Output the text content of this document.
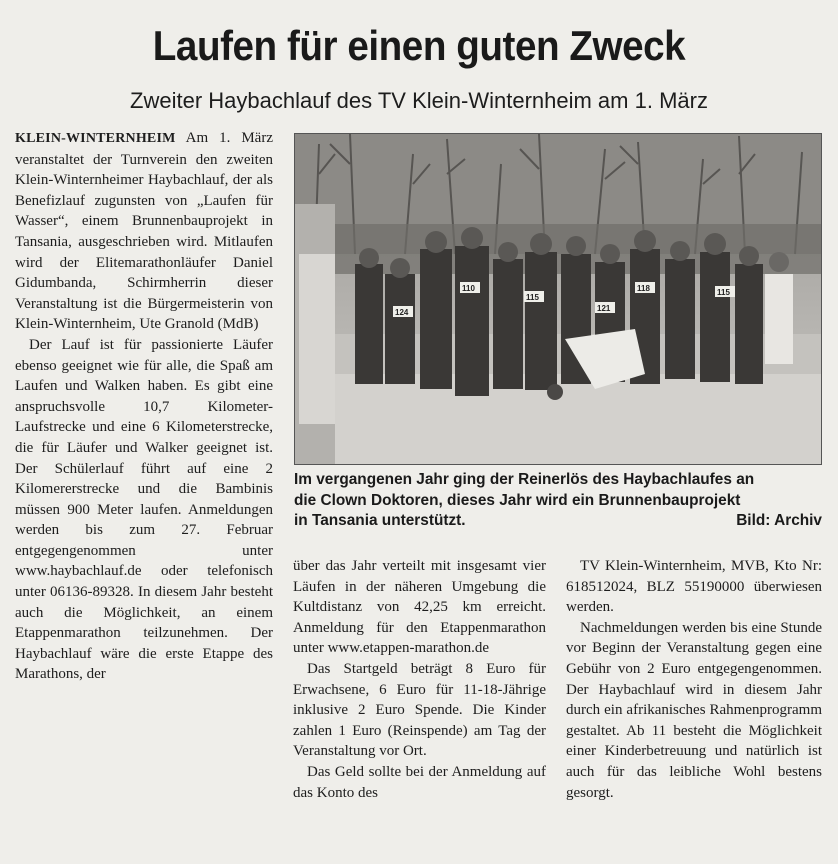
Laufen für einen guten Zweck
Zweiter Haybachlauf des TV Klein-Winternheim am 1. März

KLEIN-WINTERNHEIM Am 1. März veranstaltet der Turnverein den zweiten Klein-Winternheimer Haybachlauf, der als Benefizlauf zugunsten von „Laufen für Wasser“, einem Brunnenbauprojekt in Tansania, ausgeschrieben wird. Mitlaufen wird der Elitemarathonläufer Daniel Gidumbanda, Schirmherrin dieser Veranstaltung ist die Bürgermeisterin von Klein-Winternheim, Ute Granold (MdB)

Der Lauf ist für passionierte Läufer ebenso geeignet wie für alle, die Spaß am Laufen und Walken haben. Es gibt eine anspruchsvolle 10,7 Kilometer-Laufstrecke und eine 6 Kilometerstrecke, die für Läufer und Walker geeignet ist. Der Schülerlauf führt auf eine 2 Kilomererstrecke und die Bambinis müssen 900 Meter laufen. Anmeldungen werden bis zum 27. Februar entgegengenommen unter www.haybachlauf.de oder telefonisch unter 06136-89328. In diesem Jahr besteht auch die Möglichkeit, an einem Etappenmarathon teilzunehmen. Der Haybachlauf wäre die erste Etappe des Marathons, der

124
110
115
121
118	115
Im vergangenen Jahr ging der Reinerlös des Haybachlaufes an
die Clown Doktoren, dieses Jahr wird ein Brunnenbauprojekt
in Tansania unterstützt.	Bild: Archiv

über das Jahr verteilt mit insgesamt vier Läufen in der näheren Umgebung die Kultdistanz von 42,25 km erreicht. Anmeldung für den Etappenmarathon unter www.etappen-marathon.de

Das Startgeld beträgt 8 Euro für Erwachsene, 6 Euro für 11-18-Jährige inklusive 2 Euro Spende. Die Kinder zahlen 1 Euro (Reinspende) am Tag der Veranstaltung vor Ort.

Das Geld sollte bei der Anmeldung auf das Konto des

TV Klein-Winternheim, MVB, Kto Nr: 618512024, BLZ 55190000 überwiesen werden.

Nachmeldungen werden bis eine Stunde vor Beginn der Veranstaltung gegen eine Gebühr von 2 Euro entgegengenommen. Der Haybachlauf wird in diesem Jahr durch ein afrikanisches Rahmenprogramm gestaltet. Ab 11 besteht die Möglichkeit einer Kinderbetreuung und natürlich ist auch für das leibliche Wohl bestens gesorgt.
